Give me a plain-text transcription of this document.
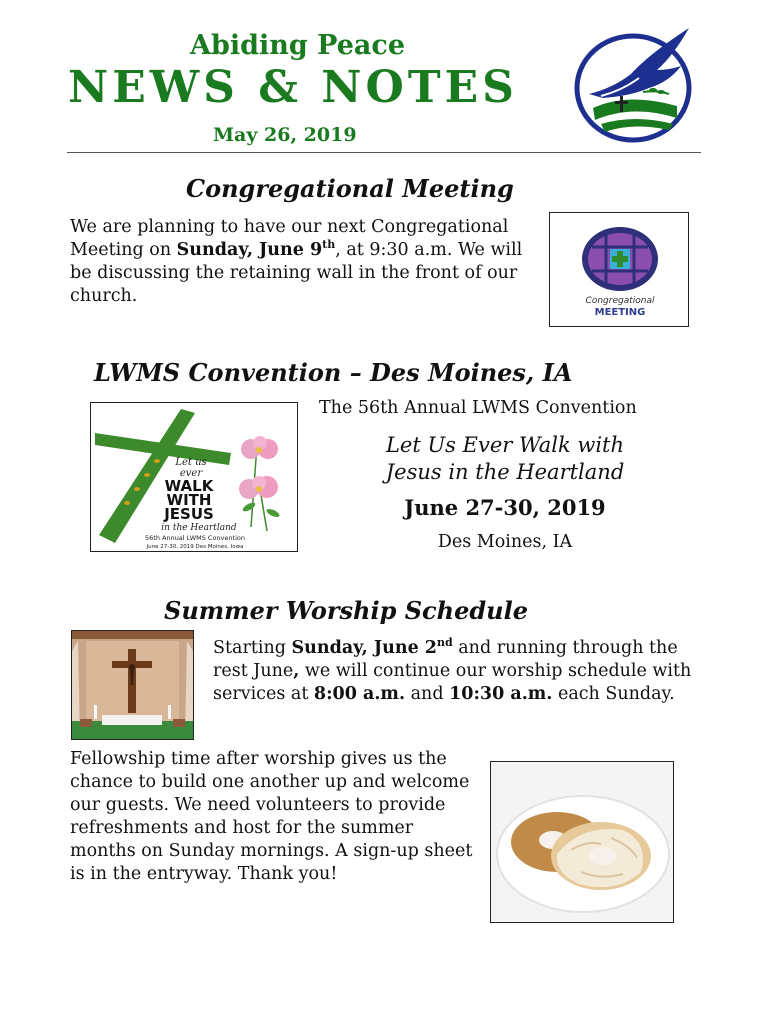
Abiding Peace
NEWS & NOTES
May 26, 2019
Congregational Meeting
We are planning to have our next Congregational Meeting on Sunday, June 9th, at 9:30 a.m. We will be discussing the retaining wall in the front of our church.	Congregational
MEETING
LWMS Convention – Des Moines, IA
Let us
ever
WALK
WITH
JESUS
in the Heartland
56th Annual LWMS Convention
June 27-30, 2019 Des Moines, Iowa
The 56th Annual LWMS Convention
Let Us Ever Walk with
Jesus in the Heartland
June 27-30, 2019
Des Moines, IA
Summer Worship Schedule
Starting Sunday, June 2nd and running through the rest June, we will continue our worship schedule with services at 8:00 a.m. and 10:30 a.m. each Sunday.
Fellowship time after worship gives us the chance to build one another up and welcome our guests. We need volunteers to provide refreshments and host for the summer months on Sunday mornings. A sign-up sheet is in the entryway. Thank you!
